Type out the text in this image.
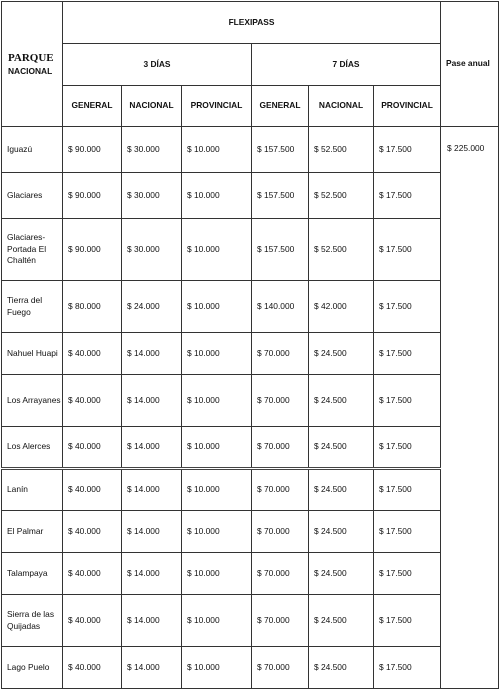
PARQUE
NACIONAL	FLEXIPASS						Pase anual
	3 DÍAS			7 DÍAS			
	GENERAL	NACIONAL	PROVINCIAL	GENERAL	NACIONAL	PROVINCIAL	
Iguazú	$ 90.000	$ 30.000	$ 10.000	$ 157.500	$ 52.500	$ 17.500	$ 225.000
Glaciares	$ 90.000	$ 30.000	$ 10.000	$ 157.500	$ 52.500	$ 17.500	
Glaciares-Portada El Chaltén	$ 90.000	$ 30.000	$ 10.000	$ 157.500	$ 52.500	$ 17.500	
Tierra del Fuego	$ 80.000	$ 24.000	$ 10.000	$ 140.000	$ 42.000	$ 17.500	
Nahuel Huapi	$ 40.000	$ 14.000	$ 10.000	$ 70.000	$ 24.500	$ 17.500	
Los Arrayanes	$ 40.000	$ 14.000	$ 10.000	$ 70.000	$ 24.500	$ 17.500	
Los Alerces	$ 40.000	$ 14.000	$ 10.000	$ 70.000	$ 24.500	$ 17.500	
Lanín	$ 40.000	$ 14.000	$ 10.000	$ 70.000	$ 24.500	$ 17.500	
El Palmar	$ 40.000	$ 14.000	$ 10.000	$ 70.000	$ 24.500	$ 17.500	
Talampaya	$ 40.000	$ 14.000	$ 10.000	$ 70.000	$ 24.500	$ 17.500	
Sierra de las Quijadas	$ 40.000	$ 14.000	$ 10.000	$ 70.000	$ 24.500	$ 17.500	
Lago Puelo	$ 40.000	$ 14.000	$ 10.000	$ 70.000	$ 24.500	$ 17.500	
